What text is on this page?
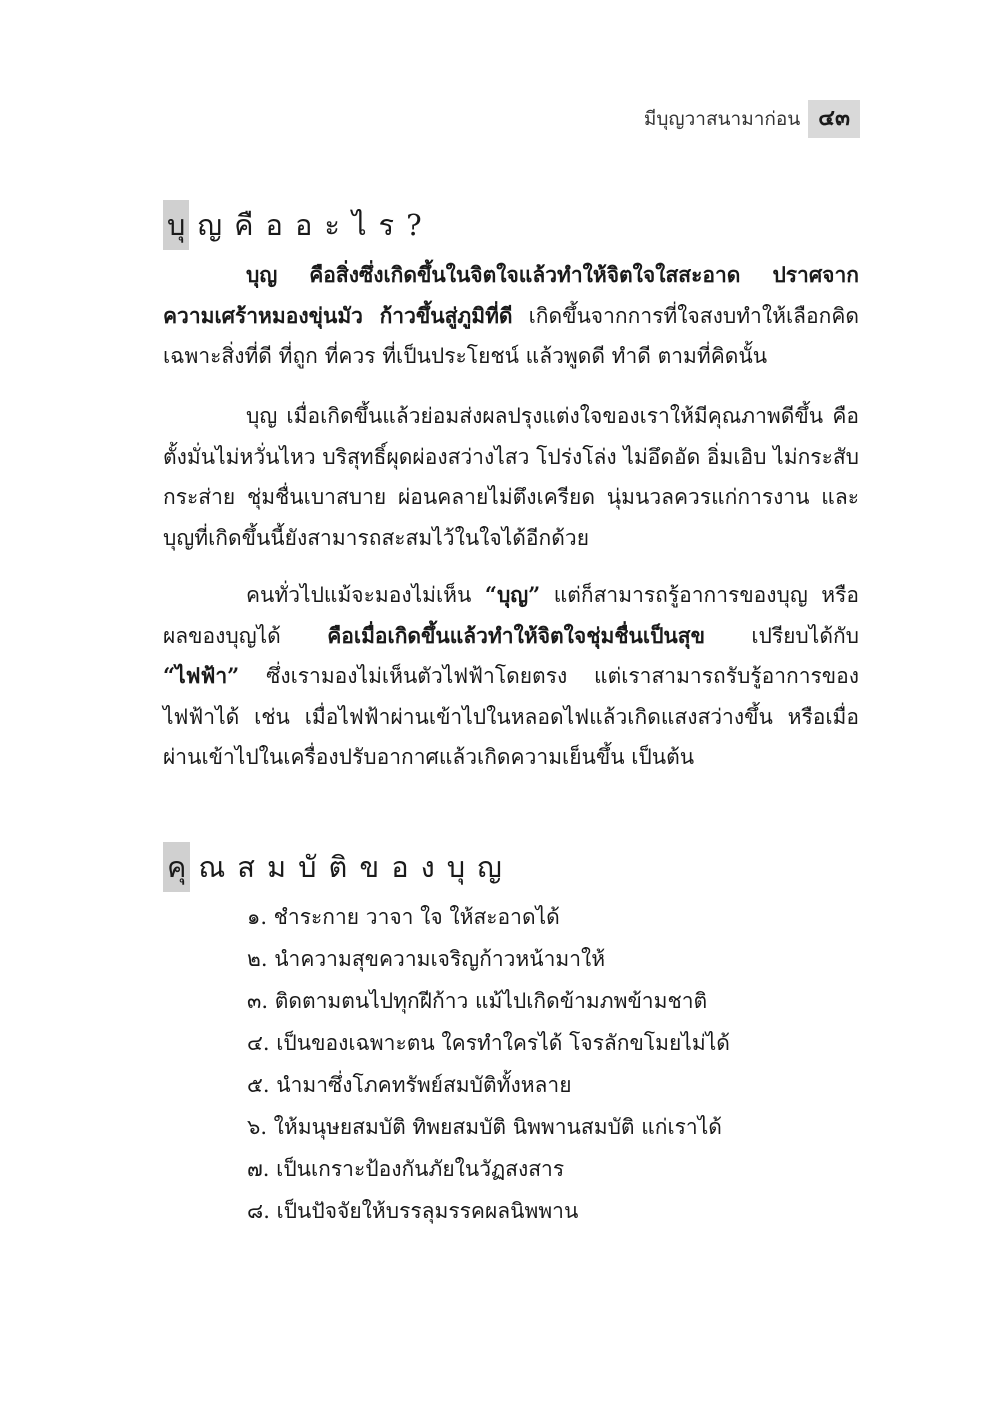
มีบุญวาสนามาก่อน ๔๓
บุ ญคืออะไร?

บุญ คือสิ่งซึ่งเกิดขึ้นในจิตใจแล้วทำให้จิตใจใสสะอาด ปราศจากความเศร้าหมองขุ่นมัว ก้าวขึ้นสู่ภูมิที่ดี เกิดขึ้นจากการที่ใจสงบทำให้เลือกคิดเฉพาะสิ่งที่ดี ที่ถูก ที่ควร ที่เป็นประโยชน์ แล้วพูดดี ทำดี ตามที่คิดนั้น

บุญ เมื่อเกิดขึ้นแล้วย่อมส่งผลปรุงแต่งใจของเราให้มีคุณภาพดีขึ้น คือ ตั้งมั่นไม่หวั่นไหว บริสุทธิ์ผุดผ่องสว่างไสว โปร่งโล่ง ไม่อึดอัด อิ่มเอิบ ไม่กระสับกระส่าย ชุ่มชื่นเบาสบาย ผ่อนคลายไม่ตึงเครียด นุ่มนวลควรแก่การงาน และบุญที่เกิดขึ้นนี้ยังสามารถสะสมไว้ในใจได้อีกด้วย

คนทั่วไปแม้จะมองไม่เห็น “บุญ” แต่ก็สามารถรู้อาการของบุญ หรือผลของบุญได้ คือเมื่อเกิดขึ้นแล้วทำให้จิตใจชุ่มชื่นเป็นสุข เปรียบได้กับ “ไฟฟ้า” ซึ่งเรามองไม่เห็นตัวไฟฟ้าโดยตรง แต่เราสามารถรับรู้อาการของไฟฟ้าได้ เช่น เมื่อไฟฟ้าผ่านเข้าไปในหลอดไฟแล้วเกิดแสงสว่างขึ้น หรือเมื่อผ่านเข้าไปในเครื่องปรับอากาศแล้วเกิดความเย็นขึ้น เป็นต้น

คุ ณสมบัติของบุญ
๑. ชำระกาย วาจา ใจ ให้สะอาดได้
๒. นำความสุขความเจริญก้าวหน้ามาให้
๓. ติดตามตนไปทุกฝีก้าว แม้ไปเกิดข้ามภพข้ามชาติ
๔. เป็นของเฉพาะตน ใครทำใครได้ โจรลักขโมยไม่ได้
๕. นำมาซึ่งโภคทรัพย์สมบัติทั้งหลาย
๖. ให้มนุษยสมบัติ ทิพยสมบัติ นิพพานสมบัติ แก่เราได้
๗. เป็นเกราะป้องกันภัยในวัฏสงสาร
๘. เป็นปัจจัยให้บรรลุมรรคผลนิพพาน
